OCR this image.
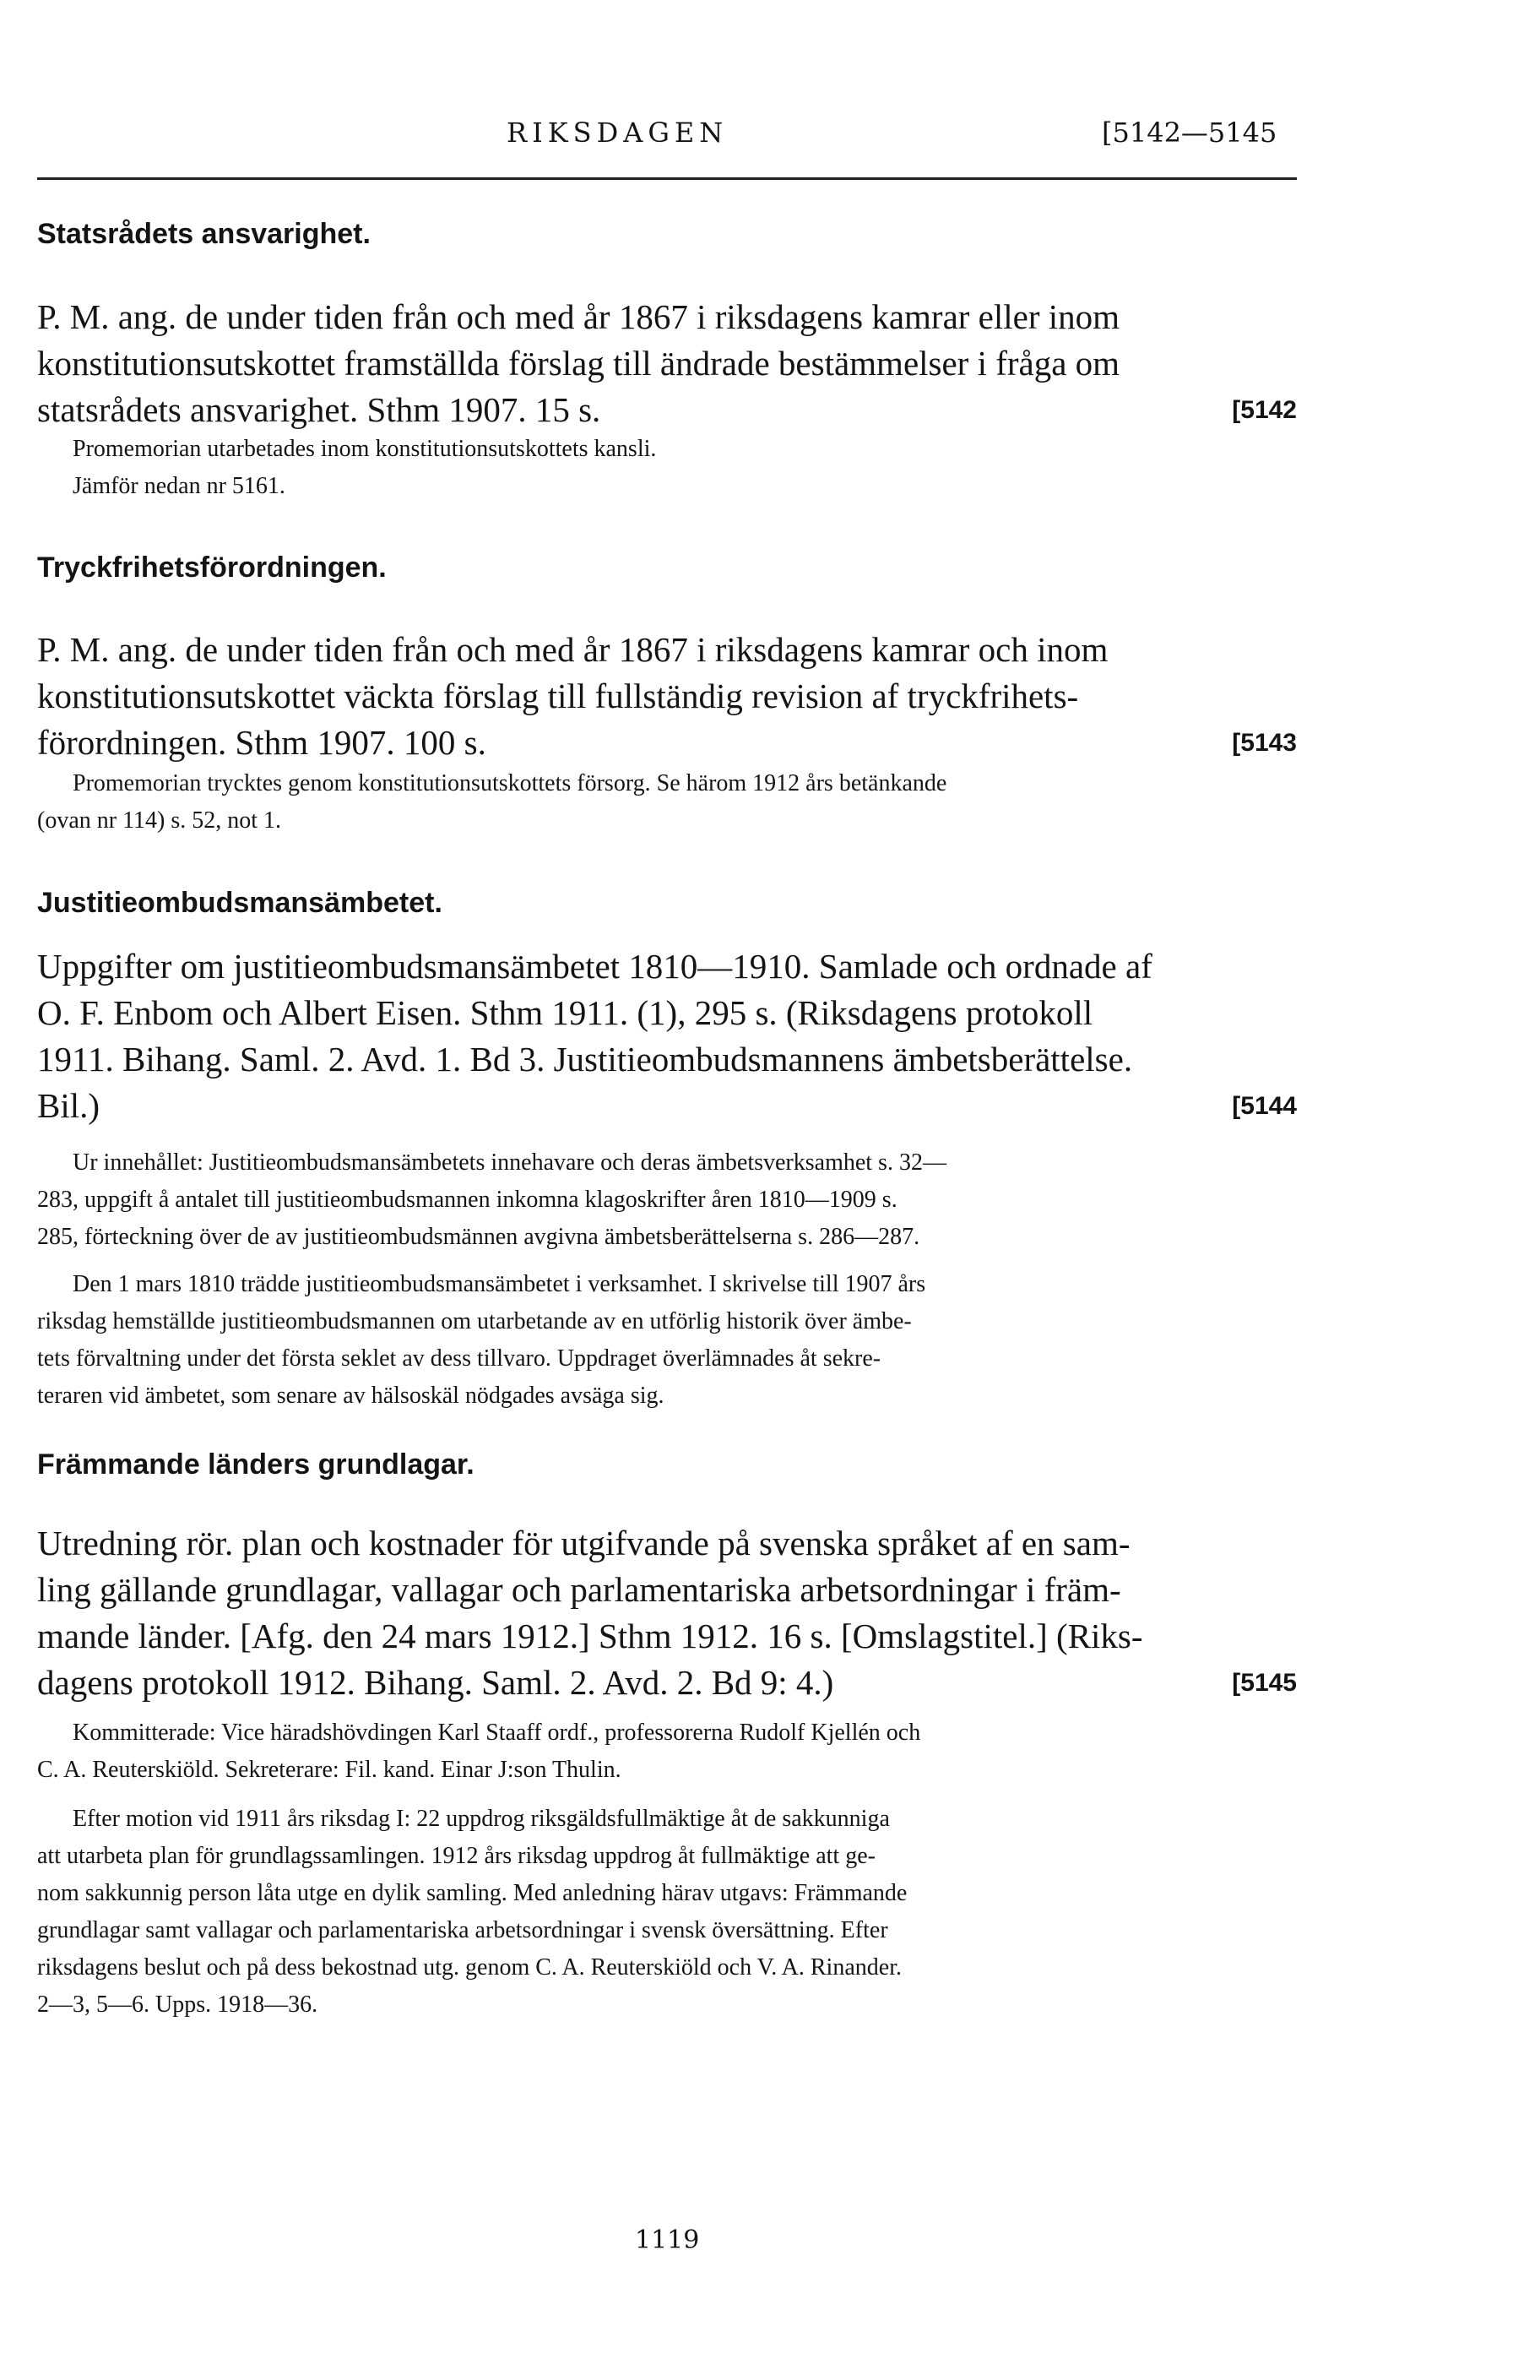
RIKSDAGEN	[5142—5145
Statsrådets ansvarighet.
P. M. ang. de under tiden från och med år 1867 i riksdagens kamrar eller inom
konstitutionsutskottet framställda förslag till ändrade bestämmelser i fråga om
statsrådets ansvarighet. Sthm 1907. 15 s.	[5142
Promemorian utarbetades inom konstitutionsutskottets kansli.
Jämför nedan nr 5161.
Tryckfrihetsförordningen.
P. M. ang. de under tiden från och med år 1867 i riksdagens kamrar och inom
konstitutionsutskottet väckta förslag till fullständig revision af tryckfrihets-
förordningen. Sthm 1907. 100 s.	[5143
Promemorian trycktes genom konstitutionsutskottets försorg. Se härom 1912 års betänkande
(ovan nr 114) s. 52, not 1.
Justitieombudsmansämbetet.
Uppgifter om justitieombudsmansämbetet 1810—1910. Samlade och ordnade af
O. F. Enbom och Albert Eisen. Sthm 1911. (1), 295 s. (Riksdagens protokoll
1911. Bihang. Saml. 2. Avd. 1. Bd 3. Justitieombudsmannens ämbetsberättelse.
Bil.)	[5144
Ur innehållet: Justitieombudsmansämbetets innehavare och deras ämbetsverksamhet s. 32—
283, uppgift å antalet till justitieombudsmannen inkomna klagoskrifter åren 1810—1909 s.
285, förteckning över de av justitieombudsmännen avgivna ämbetsberättelserna s. 286—287.
Den 1 mars 1810 trädde justitieombudsmansämbetet i verksamhet. I skrivelse till 1907 års
riksdag hemställde justitieombudsmannen om utarbetande av en utförlig historik över ämbe-
tets förvaltning under det första seklet av dess tillvaro. Uppdraget överlämnades åt sekre-
teraren vid ämbetet, som senare av hälsoskäl nödgades avsäga sig.
Främmande länders grundlagar.
Utredning rör. plan och kostnader för utgifvande på svenska språket af en sam-
ling gällande grundlagar, vallagar och parlamentariska arbetsordningar i främ-
mande länder. [Afg. den 24 mars 1912.] Sthm 1912. 16 s. [Omslagstitel.] (Riks-
dagens protokoll 1912. Bihang. Saml. 2. Avd. 2. Bd 9: 4.)	[5145
Kommitterade: Vice häradshövdingen Karl Staaff ordf., professorerna Rudolf Kjellén och
C. A. Reuterskiöld. Sekreterare: Fil. kand. Einar J:son Thulin.
Efter motion vid 1911 års riksdag I: 22 uppdrog riksgäldsfullmäktige åt de sakkunniga
att utarbeta plan för grundlagssamlingen. 1912 års riksdag uppdrog åt fullmäktige att ge-
nom sakkunnig person låta utge en dylik samling. Med anledning härav utgavs: Främmande
grundlagar samt vallagar och parlamentariska arbetsordningar i svensk översättning. Efter
riksdagens beslut och på dess bekostnad utg. genom C. A. Reuterskiöld och V. A. Rinander.
2—3, 5—6. Upps. 1918—36.
1119
